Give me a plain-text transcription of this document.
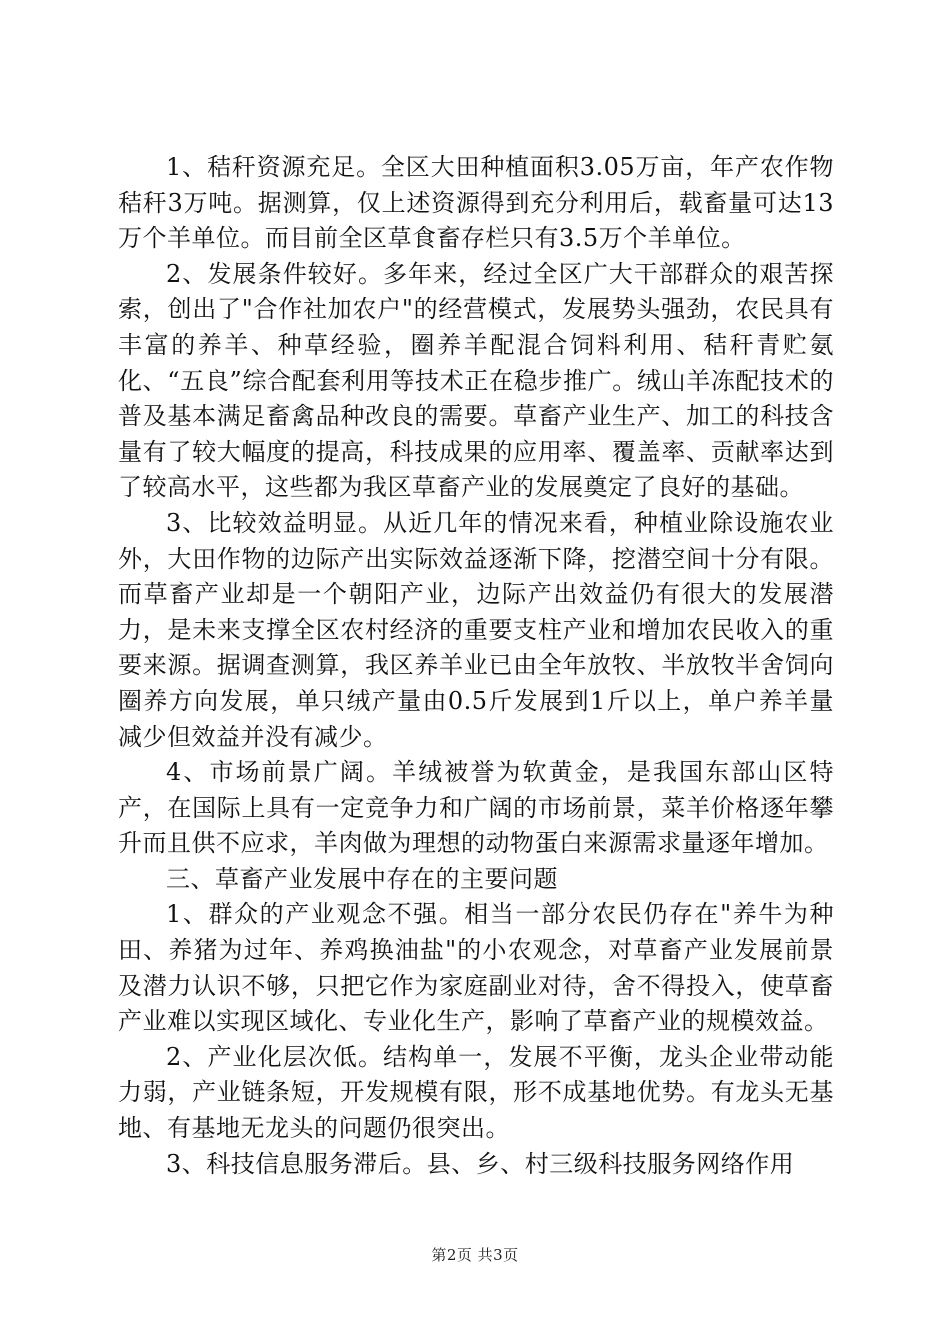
1、秸秆资源充足。全区大田种植面积3.05万亩，年产农作物秸秆3万吨。据测算，仅上述资源得到充分利用后，载畜量可达13万个羊单位。而目前全区草食畜存栏只有3.5万个羊单位。

2、发展条件较好。多年来，经过全区广大干部群众的艰苦探索，创出了"合作社加农户"的经营模式，发展势头强劲，农民具有丰富的养羊、种草经验，圈养羊配混合饲料利用、秸秆青贮氨化、“五良”综合配套利用等技术正在稳步推广。绒山羊冻配技术的普及基本满足畜禽品种改良的需要。草畜产业生产、加工的科技含量有了较大幅度的提高，科技成果的应用率、覆盖率、贡献率达到了较高水平，这些都为我区草畜产业的发展奠定了良好的基础。

3、比较效益明显。从近几年的情况来看，种植业除设施农业外，大田作物的边际产出实际效益逐渐下降，挖潜空间十分有限。而草畜产业却是一个朝阳产业，边际产出效益仍有很大的发展潜力，是未来支撑全区农村经济的重要支柱产业和增加农民收入的重要来源。据调查测算，我区养羊业已由全年放牧、半放牧半舍饲向圈养方向发展，单只绒产量由0.5斤发展到1斤以上，单户养羊量减少但效益并没有减少。

4、市场前景广阔。羊绒被誉为软黄金，是我国东部山区特产，在国际上具有一定竞争力和广阔的市场前景，菜羊价格逐年攀升而且供不应求，羊肉做为理想的动物蛋白来源需求量逐年增加。

三、草畜产业发展中存在的主要问题

1、群众的产业观念不强。相当一部分农民仍存在"养牛为种田、养猪为过年、养鸡换油盐"的小农观念，对草畜产业发展前景及潜力认识不够，只把它作为家庭副业对待，舍不得投入，使草畜产业难以实现区域化、专业化生产，影响了草畜产业的规模效益。

2、产业化层次低。结构单一，发展不平衡，龙头企业带动能力弱，产业链条短，开发规模有限，形不成基地优势。有龙头无基地、有基地无龙头的问题仍很突出。

3、科技信息服务滞后。县、乡、村三级科技服务网络作用

第2页 共3页
